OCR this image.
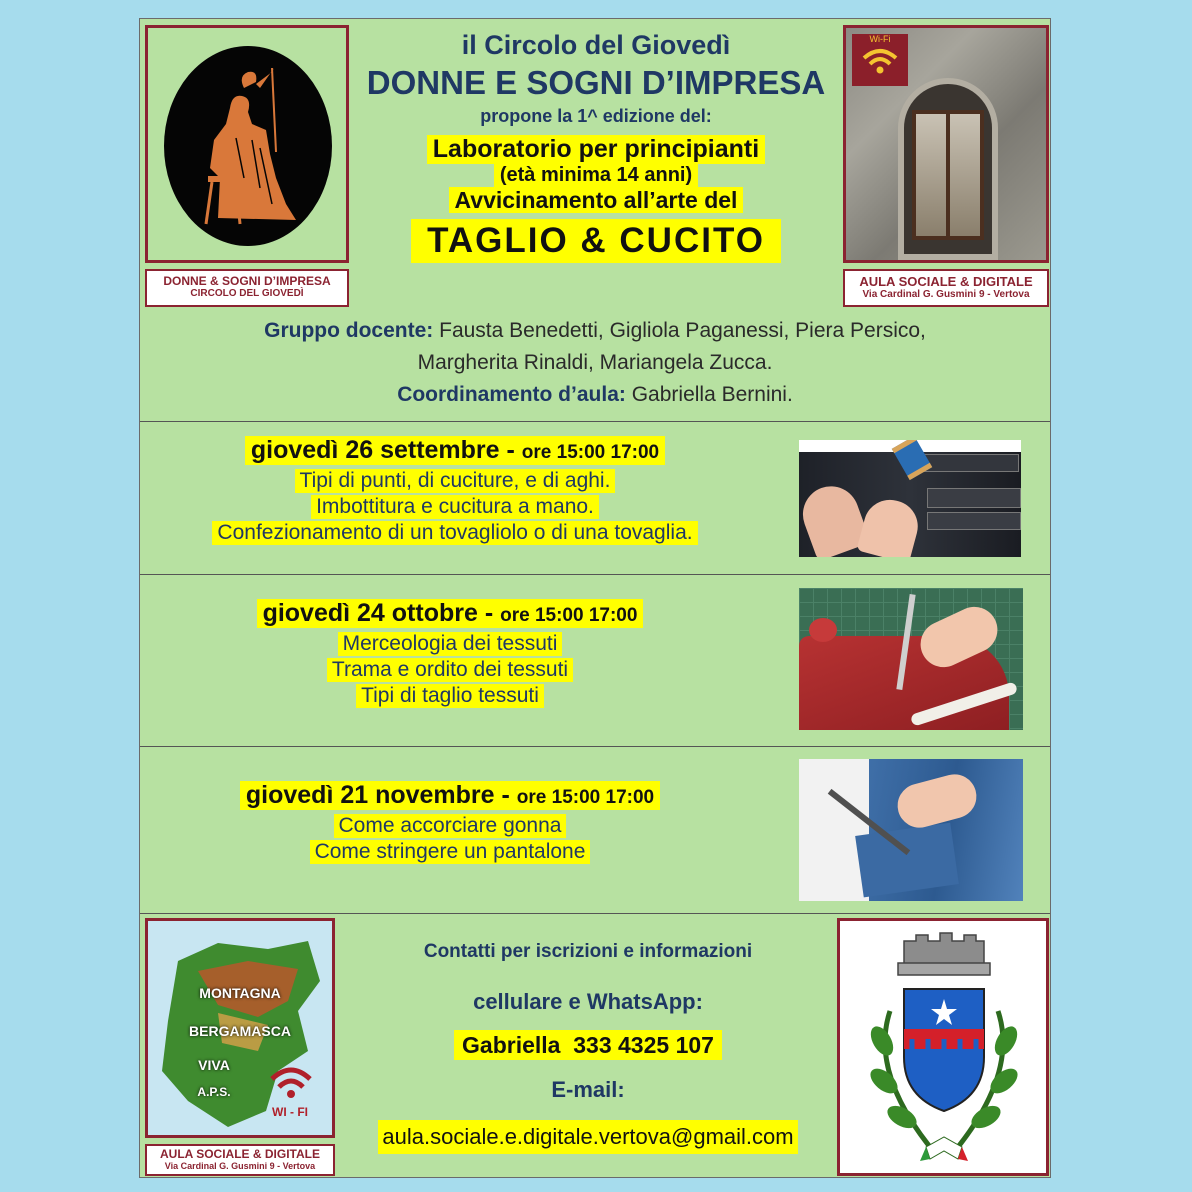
DONNE & SOGNI D’IMPRESA
CIRCOLO DEL GIOVEDÌ
Wi-Fi
AULA SOCIALE & DIGITALE
Via Cardinal G. Gusmini 9 - Vertova
il Circolo del Giovedì
DONNE E SOGNI D’IMPRESA
propone la 1^ edizione del:
Laboratorio per principianti
(età minima 14 anni)
Avvicinamento all’arte del
TAGLIO & CUCITO
Gruppo docente: Fausta Benedetti, Gigliola Paganessi, Piera Persico,
Margherita Rinaldi, Mariangela Zucca.
Coordinamento d’aula: Gabriella Bernini.
giovedì 26 settembre - ore 15:00 17:00
Tipi di punti, di cuciture, e di aghi.
Imbottitura e cucitura a mano.
Confezionamento di un tovagliolo o di una tovaglia.
giovedì 24 ottobre - ore 15:00 17:00
Merceologia dei tessuti
Trama e ordito dei tessuti
Tipi di taglio tessuti
giovedì 21 novembre - ore 15:00 17:00
Come accorciare gonna
Come stringere un pantalone
MONTAGNA
BERGAMASCA
VIVA
A.P.S.
WI - FI
AULA SOCIALE & DIGITALE
Via Cardinal G. Gusmini 9 - Vertova
Contatti per iscrizioni e informazioni
cellulare e WhatsApp:
Gabriella  333 4325 107
E-mail:
aula.sociale.e.digitale.vertova@gmail.com
